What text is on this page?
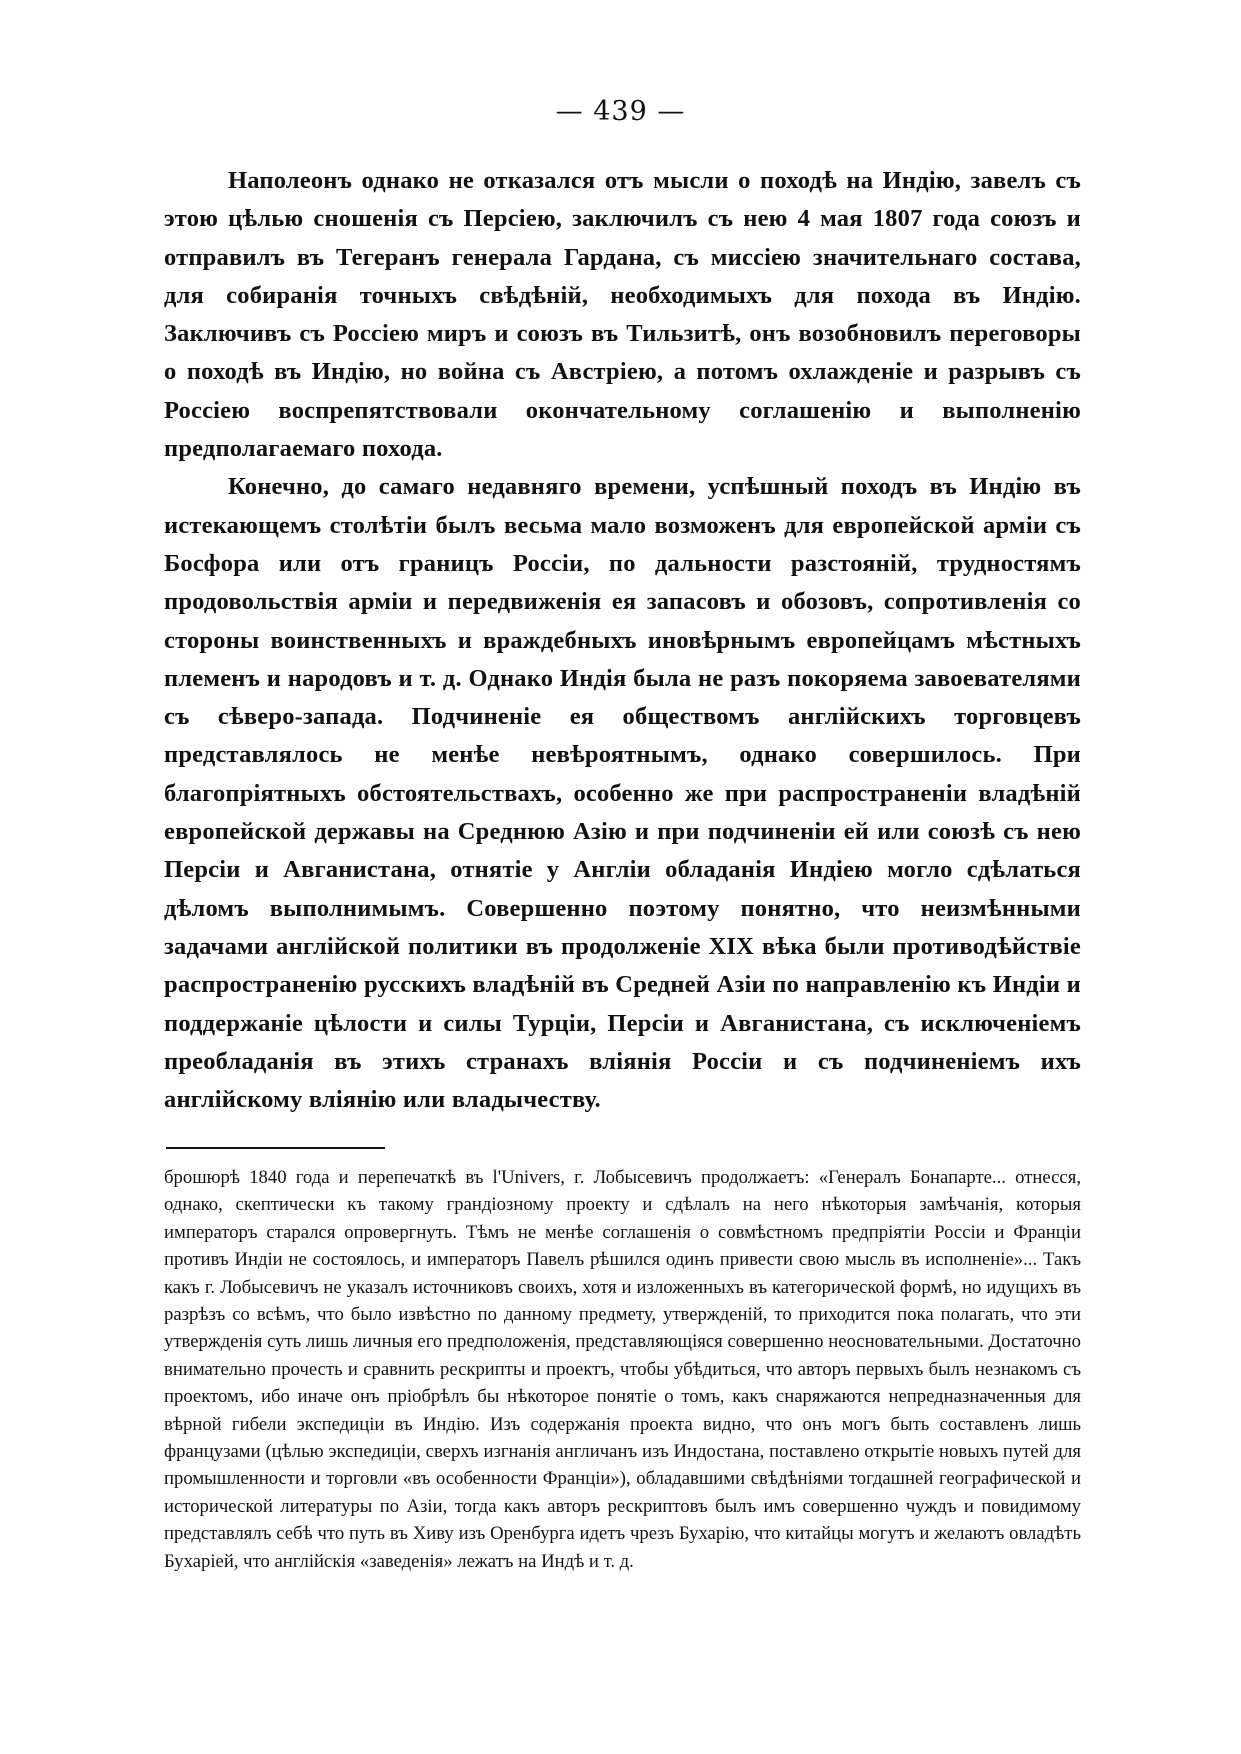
— 439 —

Наполеонъ однако не отказался отъ мысли о походѣ на Индію, завелъ съ этою цѣлью сношенія съ Персіею, заключилъ съ нею 4 мая 1807 года союзъ и отправилъ въ Тегеранъ генерала Гардана, съ миссіею значительнаго состава, для собиранія точныхъ свѣдѣній, необходимыхъ для похода въ Индію. Заключивъ съ Россіею миръ и союзъ въ Тильзитѣ, онъ возобновилъ переговоры о походѣ въ Индію, но война съ Австріею, а потомъ охлажденіе и разрывъ съ Россіею воспрепятствовали окончательному соглашенію и выполненію предполагаемаго похода.

Конечно, до самаго недавняго времени, успѣшный походъ въ Индію въ истекающемъ столѣтіи былъ весьма мало возможенъ для европейской арміи съ Босфора или отъ границъ Россіи, по дальности разстояній, трудностямъ продовольствія арміи и передвиженія ея запасовъ и обозовъ, сопротивленія со стороны воинственныхъ и враждебныхъ иновѣрнымъ европейцамъ мѣстныхъ племенъ и народовъ и т. д. Однако Индія была не разъ покоряема завоевателями съ сѣверо-запада. Подчиненіе ея обществомъ англійскихъ торговцевъ представлялось не менѣе невѣроятнымъ, однако совершилось. При благопріятныхъ обстоятельствахъ, особенно же при распространеніи владѣній европейской державы на Среднюю Азію и при подчиненіи ей или союзѣ съ нею Персіи и Авганистана, отнятіе у Англіи обладанія Индіею могло сдѣлаться дѣломъ выполнимымъ. Совершенно поэтому понятно, что неизмѣнными задачами англійской политики въ продолженіе XIX вѣка были противодѣйствіе распространенію русскихъ владѣній въ Средней Азіи по направленію къ Индіи и поддержаніе цѣлости и силы Турціи, Персіи и Авганистана, съ исключеніемъ преобладанія въ этихъ странахъ вліянія Россіи и съ подчиненіемъ ихъ англійскому вліянію или владычеству.

брошюрѣ 1840 года и перепечаткѣ въ l'Univers, г. Лобысевичъ продолжаетъ: «Генералъ Бонапарте... отнесся, однако, скептически къ такому грандіозному проекту и сдѣлалъ на него нѣкоторыя замѣчанія, которыя императоръ старался опровергнуть. Тѣмъ не менѣе соглашенія о совмѣстномъ предпріятіи Россіи и Франціи противъ Индіи не состоялось, и императоръ Павелъ рѣшился одинъ привести свою мысль въ исполненіе»... Такъ какъ г. Лобысевичъ не указалъ источниковъ своихъ, хотя и изложенныхъ въ категорической формѣ, но идущихъ въ разрѣзъ со всѣмъ, что было извѣстно по данному предмету, утвержденій, то приходится пока полагать, что эти утвержденія суть лишь личныя его предположенія, представляющіяся совершенно неосновательными. Достаточно внимательно прочесть и сравнить рескрипты и проектъ, чтобы убѣдиться, что авторъ первыхъ былъ незнакомъ съ проектомъ, ибо иначе онъ пріобрѣлъ бы нѣкоторое понятіе о томъ, какъ снаряжаются непредназначенныя для вѣрной гибели экспедиціи въ Индію. Изъ содержанія проекта видно, что онъ могъ быть составленъ лишь французами (цѣлью экспедиціи, сверхъ изгнанія англичанъ изъ Индостана, поставлено открытіе новыхъ путей для промышленности и торговли «въ особенности Франціи»), обладавшими свѣдѣніями тогдашней географической и исторической литературы по Азіи, тогда какъ авторъ рескриптовъ былъ имъ совершенно чуждъ и повидимому представлялъ себѣ что путь въ Хиву изъ Оренбурга идетъ чрезъ Бухарію, что китайцы могутъ и желаютъ овладѣть Бухаріей, что англійскія «заведенія» лежатъ на Индѣ и т. д.
